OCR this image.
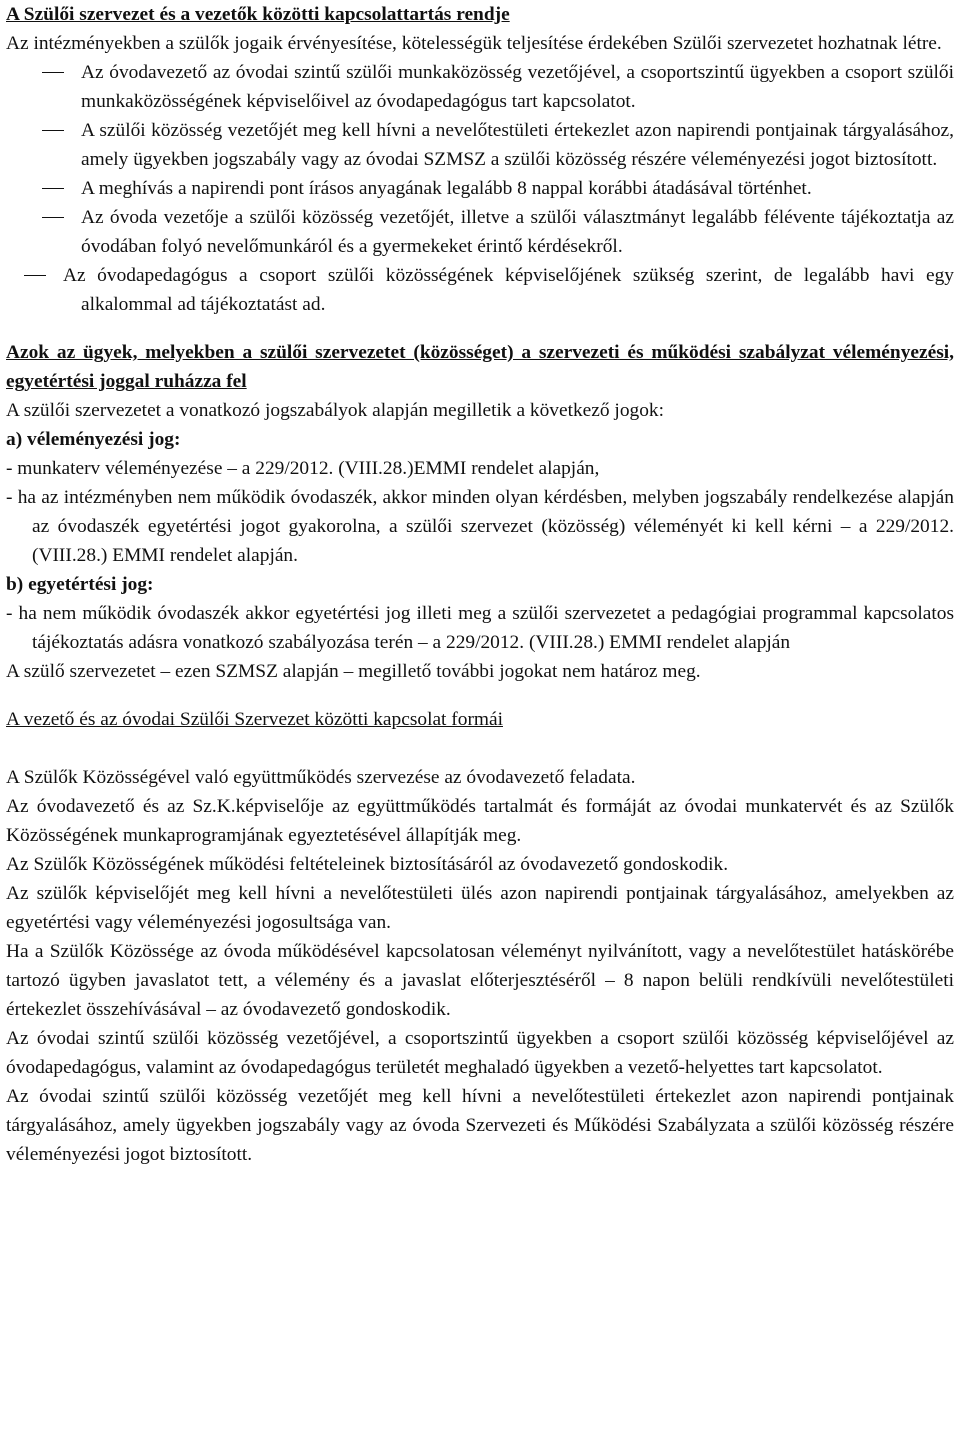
A Szülői szervezet és a vezetők közötti kapcsolattartás rendje

Az intézményekben a szülők jogaik érvényesítése, kötelességük teljesítése érdekében Szülői szervezetet hozhatnak létre.

Az óvodavezető az óvodai szintű szülői munkaközösség vezetőjével, a csoportszintű ügyekben a csoport szülői munkaközösségének képviselőivel az óvodapedagógus tart kapcsolatot.
A szülői közösség vezetőjét meg kell hívni a nevelőtestületi értekezlet azon napirendi pontjainak tárgyalásához, amely ügyekben jogszabály vagy az óvodai SZMSZ a szülői közösség részére véleményezési jogot biztosított.
A meghívás a napirendi pont írásos anyagának legalább 8 nappal korábbi átadásával történhet.
Az óvoda vezetője a szülői közösség vezetőjét, illetve a szülői választmányt legalább félévente tájékoztatja az óvodában folyó nevelőmunkáról és a gyermekeket érintő kérdésekről.
Az óvodapedagógus a csoport szülői közösségének képviselőjének szükség szerint, de legalább havi egy alkalommal ad tájékoztatást ad.

Azok az ügyek, melyekben a szülői szervezetet (közösséget) a szervezeti és működési szabályzat véleményezési, egyetértési joggal ruházza fel

A szülői szervezetet a vonatkozó jogszabályok alapján megilletik a következő jogok:

a) véleményezési jog:

- munkaterv véleményezése – a 229/2012. (VIII.28.)EMMI rendelet alapján,

- ha az intézményben nem működik óvodaszék, akkor minden olyan kérdésben, melyben jogszabály rendelkezése alapján az óvodaszék egyetértési jogot gyakorolna, a szülői szervezet (közösség) véleményét ki kell kérni – a 229/2012. (VIII.28.) EMMI rendelet alapján.

b) egyetértési jog:

- ha nem működik óvodaszék akkor egyetértési jog illeti meg a szülői szervezetet a pedagógiai programmal kapcsolatos tájékoztatás adásra vonatkozó szabályozása terén – a 229/2012. (VIII.28.) EMMI rendelet alapján

A szülő szervezetet – ezen SZMSZ alapján – megillető további jogokat nem határoz meg.

A vezető és az óvodai Szülői Szervezet közötti kapcsolat formái

A Szülők Közösségével való együttműködés szervezése az óvodavezető feladata.

Az óvodavezető és az Sz.K.képviselője az együttműködés tartalmát és formáját az óvodai munkatervét és az Szülők Közösségének munkaprogramjának egyeztetésével állapítják meg.

Az Szülők Közösségének működési feltételeinek biztosításáról az óvodavezető gondoskodik.

Az szülők képviselőjét meg kell hívni a nevelőtestületi ülés azon napirendi pontjainak tárgyalásához, amelyekben az egyetértési vagy véleményezési jogosultsága van.

Ha a Szülők Közössége az óvoda működésével kapcsolatosan véleményt nyilvánított, vagy a nevelőtestület hatáskörébe tartozó ügyben javaslatot tett, a vélemény és a javaslat előterjesztéséről – 8 napon belüli rendkívüli nevelőtestületi értekezlet összehívásával – az óvodavezető gondoskodik.

Az óvodai szintű szülői közösség vezetőjével, a csoportszintű ügyekben a csoport szülői közösség képviselőjével az óvodapedagógus, valamint az óvodapedagógus területét meghaladó ügyekben a vezető-helyettes tart kapcsolatot.

Az óvodai szintű szülői közösség vezetőjét meg kell hívni a nevelőtestületi értekezlet azon napirendi pontjainak tárgyalásához, amely ügyekben jogszabály vagy az óvoda Szervezeti és Működési Szabályzata a szülői közösség részére véleményezési jogot biztosított.
